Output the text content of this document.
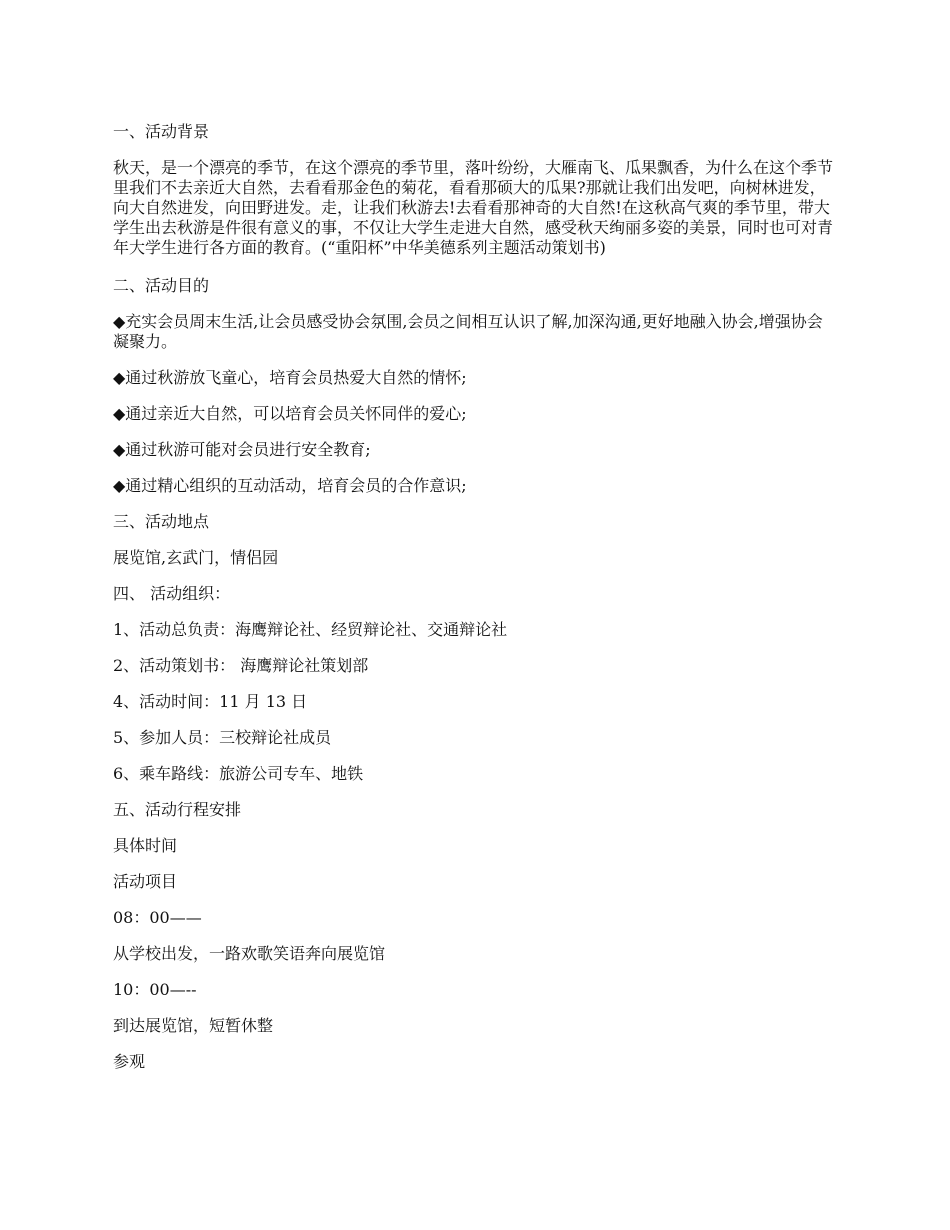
一、活动背景

秋天，是一个漂亮的季节，在这个漂亮的季节里，落叶纷纷，大雁南飞、瓜果飘香，为什么在这个季节里我们不去亲近大自然，去看看那金色的菊花，看看那硕大的瓜果?那就让我们出发吧，向树林进发，向大自然进发，向田野进发。走，让我们秋游去!去看看那神奇的大自然!在这秋高气爽的季节里，带大学生出去秋游是件很有意义的事，不仅让大学生走进大自然，感受秋天绚丽多姿的美景，同时也可对青年大学生进行各方面的教育。(“重阳杯”中华美德系列主题活动策划书)

二、活动目的

◆充实会员周末生活,让会员感受协会氛围,会员之间相互认识了解,加深沟通,更好地融入协会,增强协会凝聚力。

◆通过秋游放飞童心，培育会员热爱大自然的情怀;

◆通过亲近大自然，可以培育会员关怀同伴的爱心;

◆通过秋游可能对会员进行安全教育;

◆通过精心组织的互动活动，培育会员的合作意识;

三、活动地点

展览馆,玄武门，情侣园

四、 活动组织：

1、活动总负责：海鹰辩论社、经贸辩论社、交通辩论社

2、活动策划书： 海鹰辩论社策划部

4、活动时间：11 月 13 日

5、参加人员：三校辩论社成员

6、乘车路线：旅游公司专车、地铁

五、活动行程安排

具体时间

活动项目

08：00——

从学校出发，一路欢歌笑语奔向展览馆

10：00—--

到达展览馆，短暂休整

参观
